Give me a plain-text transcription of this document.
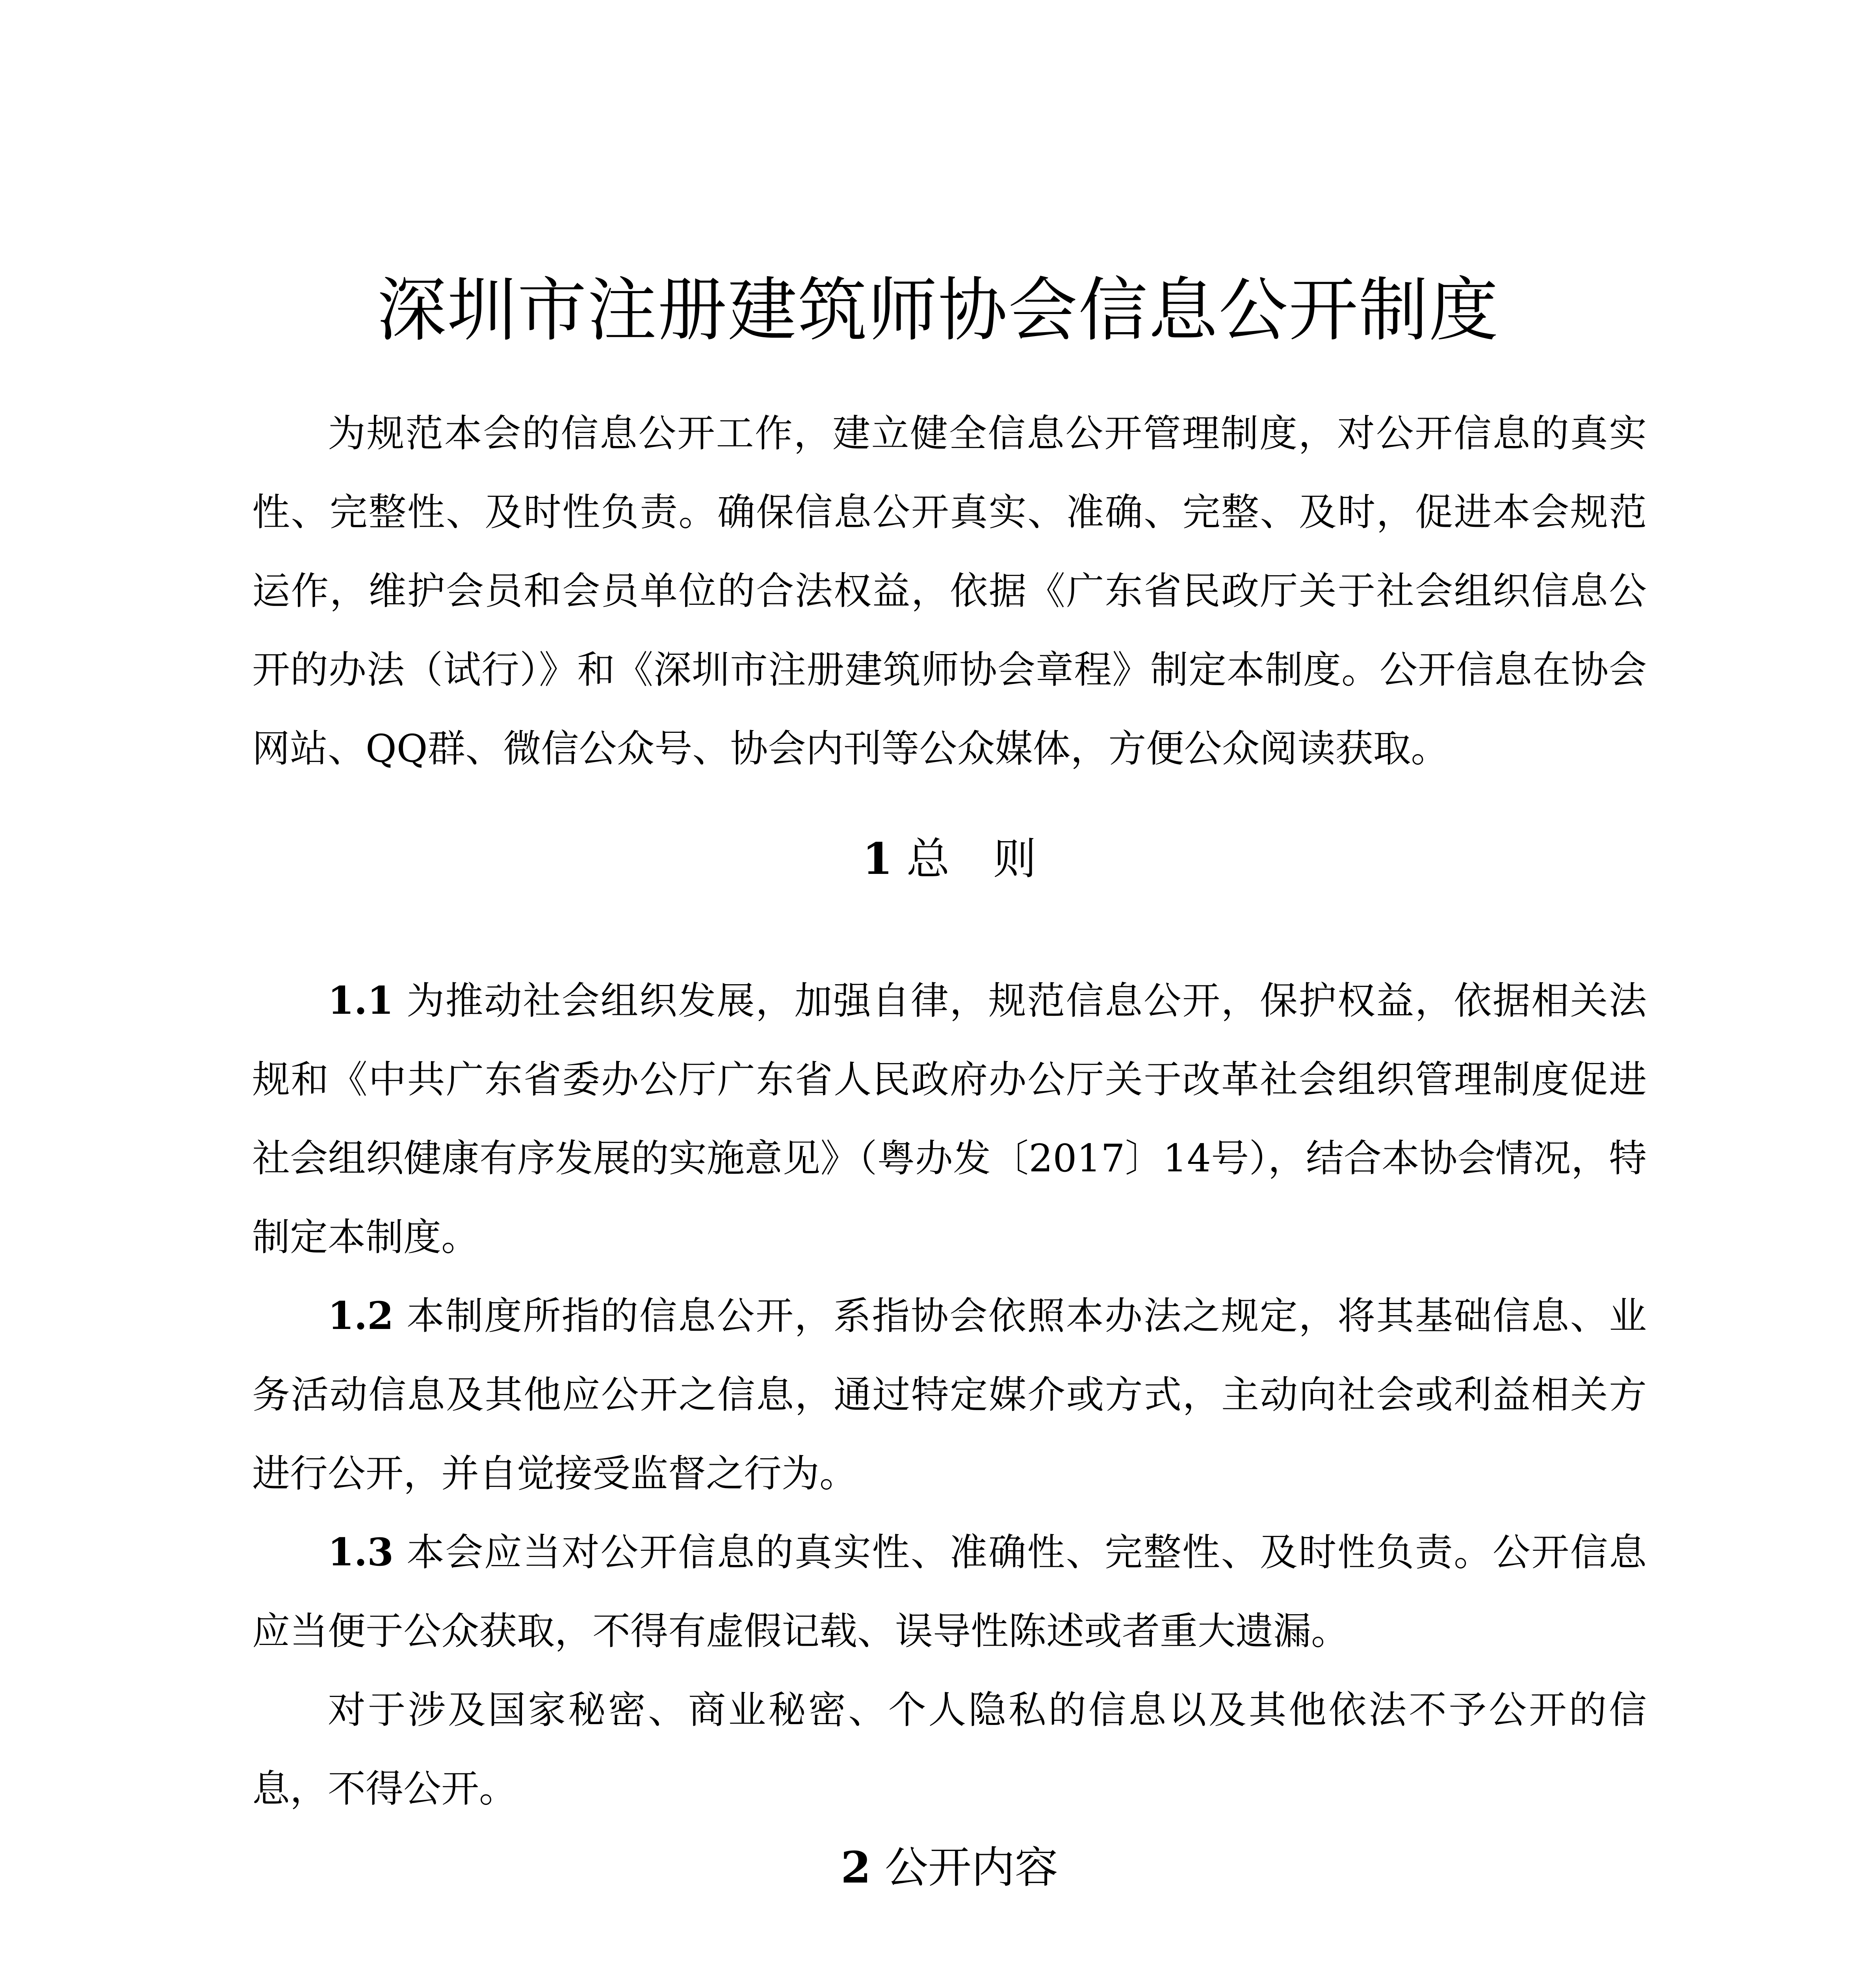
深圳市注册建筑师协会信息公开制度

为规范本会的信息公开工作，建立健全信息公开管理制度，对公开信息的真实性、完整性、及时性负责。确保信息公开真实、准确、完整、及时，促进本会规范运作，维护会员和会员单位的合法权益，依据《广东省民政厅关于社会组织信息公开的办法（试行）》和《深圳市注册建筑师协会章程》制定本制度。公开信息在协会网站、QQ群、微信公众号、协会内刊等公众媒体，方便公众阅读获取。

1 总　则

1.1 为推动社会组织发展，加强自律，规范信息公开，保护权益，依据相关法规和《中共广东省委办公厅广东省人民政府办公厅关于改革社会组织管理制度促进社会组织健康有序发展的实施意见》（粤办发〔2017〕14号），结合本协会情况，特制定本制度。

1.2 本制度所指的信息公开，系指协会依照本办法之规定，将其基础信息、业务活动信息及其他应公开之信息，通过特定媒介或方式，主动向社会或利益相关方进行公开，并自觉接受监督之行为。

1.3 本会应当对公开信息的真实性、准确性、完整性、及时性负责。公开信息应当便于公众获取，不得有虚假记载、误导性陈述或者重大遗漏。

对于涉及国家秘密、商业秘密、个人隐私的信息以及其他依法不予公开的信息，不得公开。

2 公开内容
